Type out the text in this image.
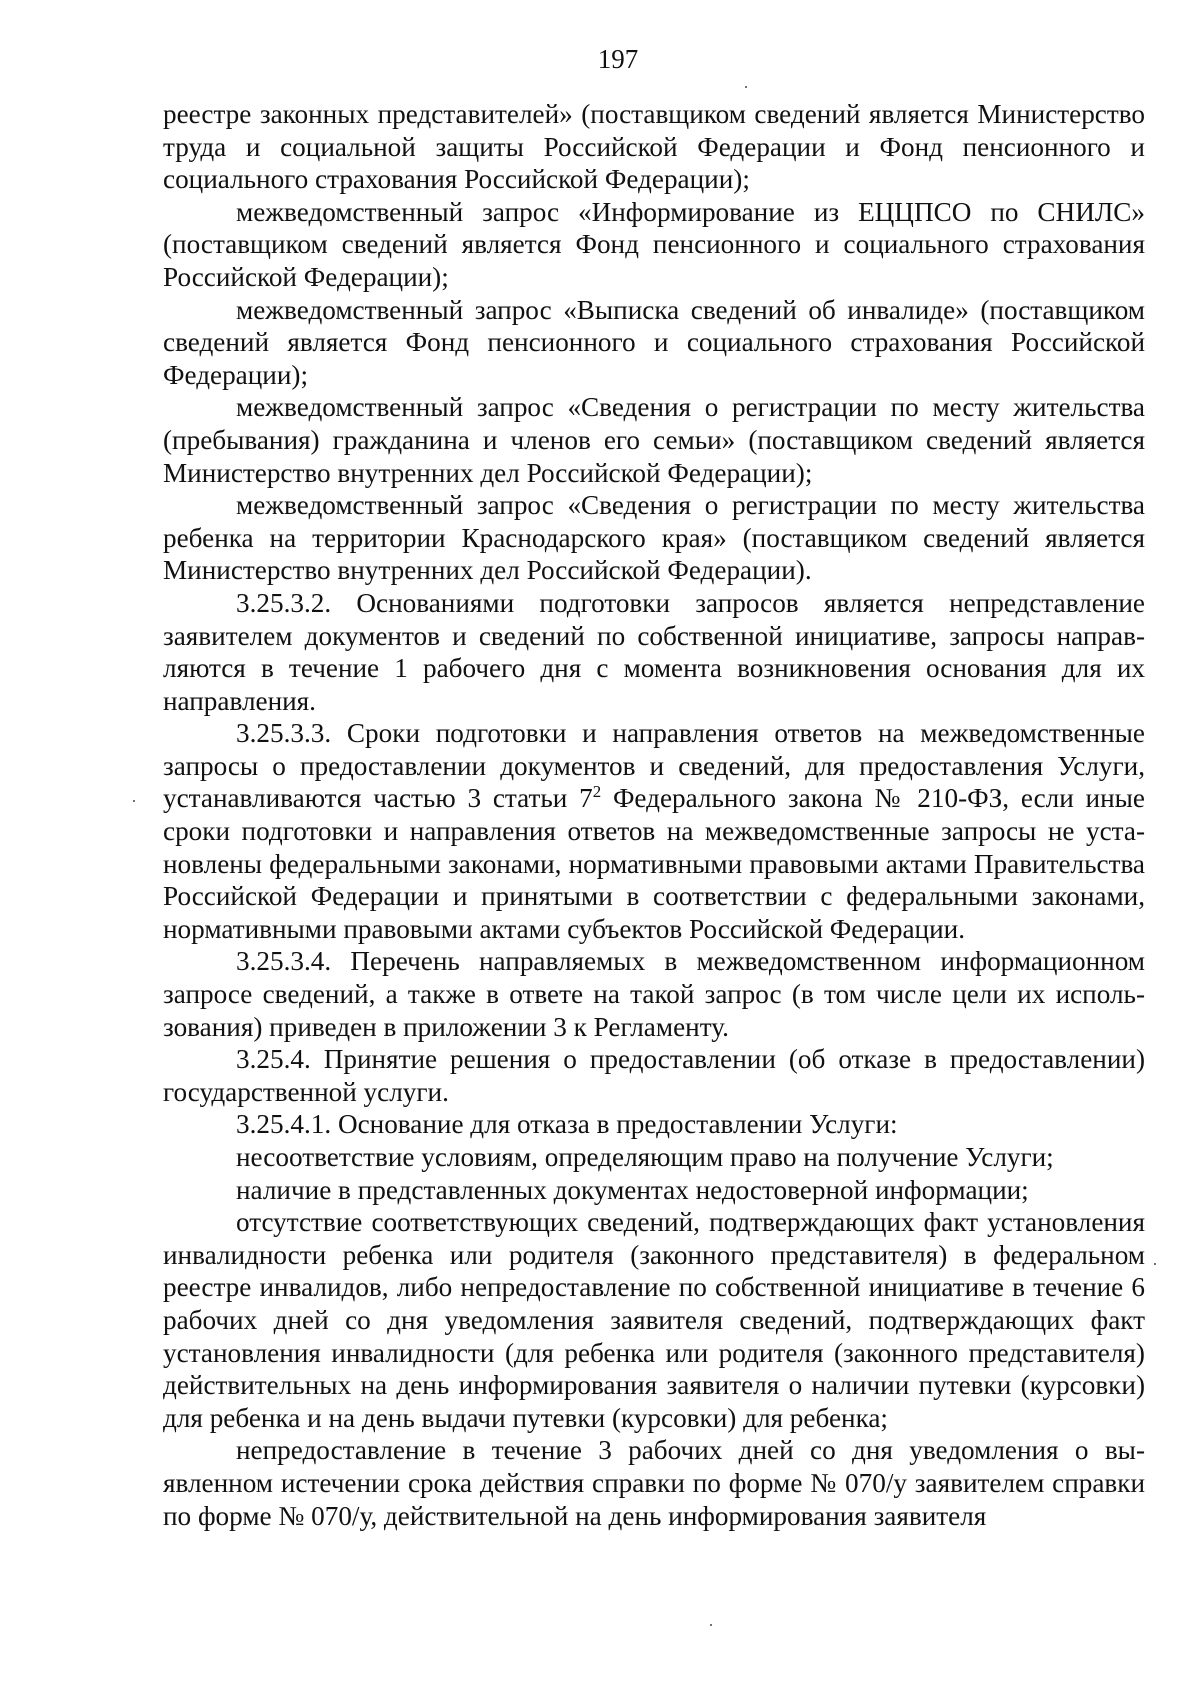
197

реестре законных представителей» (поставщиком сведений является Министерство труда и социальной защиты Российской Федерации и Фонд пенсионного и социального страхования Российской Федерации);

межведомственный запрос «Информирование из ЕЦЦПСО по СНИЛС» (поставщиком сведений является Фонд пенсионного и социального страхования Российской Федерации);

межведомственный запрос «Выписка сведений об инвалиде» (поставщиком сведений является Фонд пенсионного и социального страхования Российской Федерации);

межведомственный запрос «Сведения о регистрации по месту жительства (пребывания) гражданина и членов его семьи» (поставщиком сведений является Министерство внутренних дел Российской Федерации);

межведомственный запрос «Сведения о регистрации по месту жительства ребенка на территории Краснодарского края» (поставщиком сведений является Министерство внутренних дел Российской Федерации).

3.25.3.2. Основаниями подготовки запросов является непредставление заявителем документов и сведений по собственной инициативе, запросы направляются в течение 1 рабочего дня с момента возникновения основания для их направления.

3.25.3.3. Сроки подготовки и направления ответов на межведомственные запросы о предоставлении документов и сведений, для предоставления Услуги, устанавливаются частью 3 статьи $7^2$ Федерального закона № 210-ФЗ, если иные сроки подготовки и направления ответов на межведомственные запросы не установлены федеральными законами, нормативными правовыми актами Правительства Российской Федерации и принятыми в соответствии с федеральными законами, нормативными правовыми актами субъектов Российской Федерации.

3.25.3.4. Перечень направляемых в межведомственном информационном запросе сведений, а также в ответе на такой запрос (в том числе цели их использования) приведен в приложении 3 к Регламенту.

3.25.4. Принятие решения о предоставлении (об отказе в предоставлении) государственной услуги.

3.25.4.1. Основание для отказа в предоставлении Услуги:

несоответствие условиям, определяющим право на получение Услуги;

наличие в представленных документах недостоверной информации;

отсутствие соответствующих сведений, подтверждающих факт установления инвалидности ребенка или родителя (законного представителя) в федеральном реестре инвалидов, либо непредоставление по собственной инициативе в течение 6 рабочих дней со дня уведомления заявителя сведений, подтверждающих факт установления инвалидности (для ребенка или родителя (законного представителя) действительных на день информирования заявителя о наличии путевки (курсовки) для ребенка и на день выдачи путевки (курсовки) для ребенка;

непредоставление в течение 3 рабочих дней со дня уведомления о выявленном истечении срока действия справки по форме № 070/у заявителем справки по форме № 070/у, действительной на день информирования заявителя
